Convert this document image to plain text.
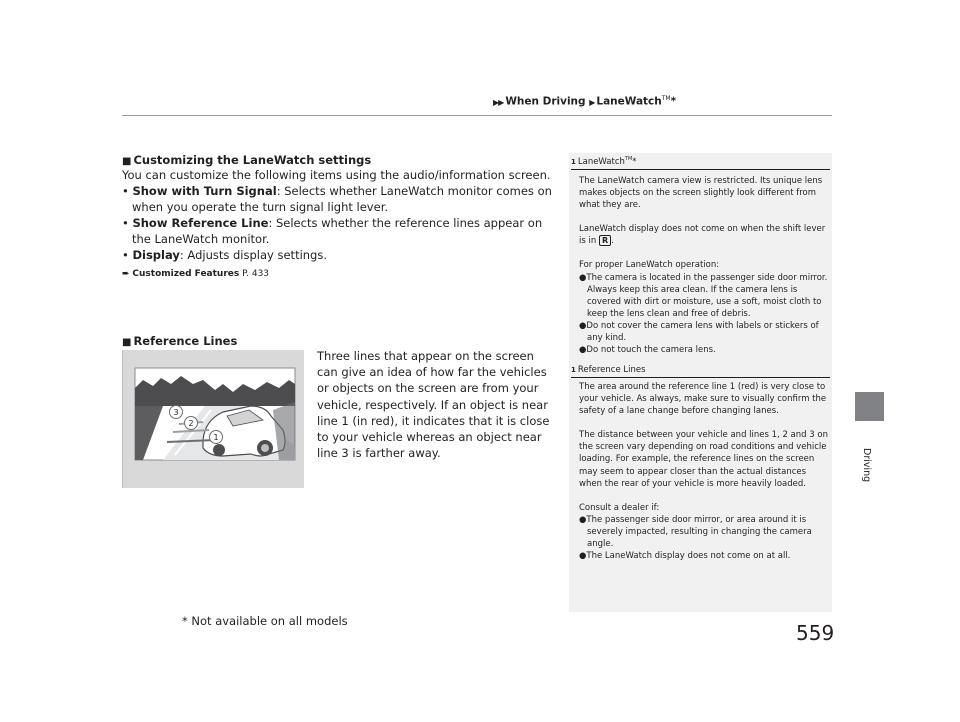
▶▶ When Driving ▶ LaneWatch™*
Driving
■ Customizing the LaneWatch settings

You can customize the following items using the audio/information screen.

• Show with Turn Signal: Selects whether LaneWatch monitor comes on when you operate the turn signal light lever.
• Show Reference Line: Selects whether the reference lines appear on the LaneWatch monitor.
• Display: Adjusts display settings.
➨ Customized Features P. 433
■ Reference Lines
Three lines that appear on the screen can give an idea of how far the vehicles or objects on the screen are from your vehicle, respectively. If an object is near line 1 (in red), it indicates that it is close to your vehicle whereas an object near line 3 is farther away.
3
2
1
1 LaneWatch™*

The LaneWatch camera view is restricted. Its unique lens makes objects on the screen slightly look different from what they are.

LaneWatch display does not come on when the shift lever is in R .

For proper LaneWatch operation:

●The camera is located in the passenger side door mirror. Always keep this area clean. If the camera lens is covered with dirt or moisture, use a soft, moist cloth to keep the lens clean and free of debris.
●Do not cover the camera lens with labels or stickers of any kind.
●Do not touch the camera lens.
1 Reference Lines

The area around the reference line 1 (red) is very close to your vehicle. As always, make sure to visually confirm the safety of a lane change before changing lanes.

The distance between your vehicle and lines 1, 2 and 3 on the screen vary depending on road conditions and vehicle loading. For example, the reference lines on the screen may seem to appear closer than the actual distances when the rear of your vehicle is more heavily loaded.

Consult a dealer if:

●The passenger side door mirror, or area around it is severely impacted, resulting in changing the camera angle.
●The LaneWatch display does not come on at all.
* Not available on all models	559
